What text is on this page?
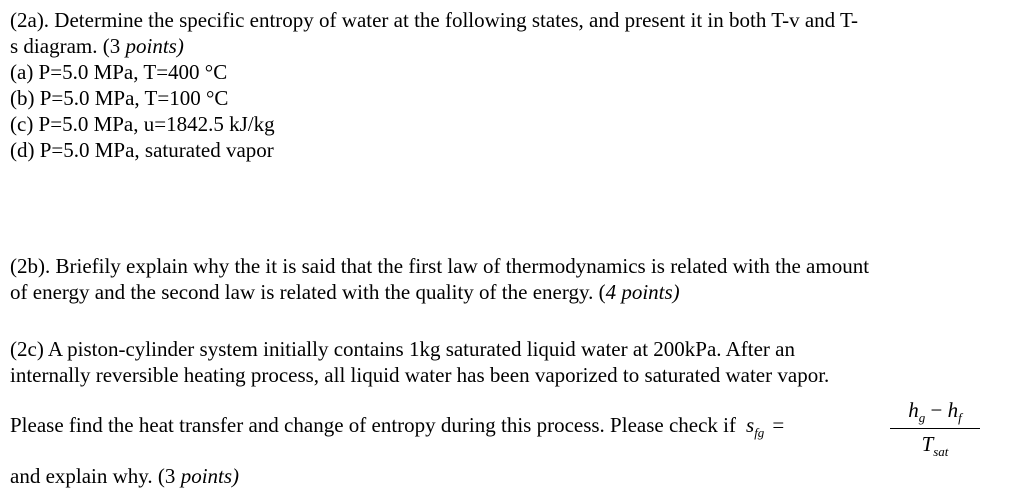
(2a). Determine the specific entropy of water at the following states, and present it in both T-v and T-
s diagram. (3 points)
(a) P=5.0 MPa, T=400 °C
(b) P=5.0 MPa, T=100 °C
(c) P=5.0 MPa, u=1842.5 kJ/kg
(d) P=5.0 MPa, saturated vapor
(2b). Briefily explain why the it is said that the first law of thermodynamics is related with the amount
of energy and the second law is related with the quality of the energy. (4 points)
(2c) A piston-cylinder system initially contains 1kg saturated liquid water at 200kPa. After an
internally reversible heating process, all liquid water has been vaporized to saturated water vapor.
Please find the heat transfer and change of entropy during this process. Please check if $s_{fg}$ =
$h_g - h_f$
$T_{sat}$
and explain why. (3 points)
